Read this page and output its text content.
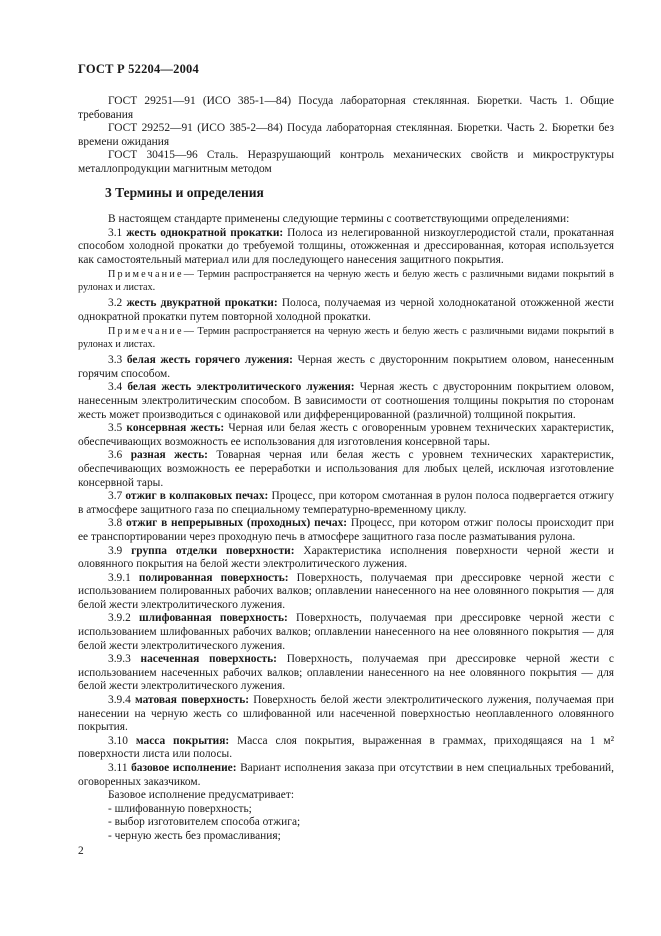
ГОСТ Р 52204—2004

ГОСТ 29251—91 (ИСО 385-1—84) Посуда лабораторная стеклянная. Бюретки. Часть 1. Общие требования

ГОСТ 29252—91 (ИСО 385-2—84) Посуда лабораторная стеклянная. Бюретки. Часть 2. Бюретки без времени ожидания

ГОСТ 30415—96 Сталь. Неразрушающий контроль механических свойств и микроструктуры металлопродукции магнитным методом

3 Термины и определения

В настоящем стандарте применены следующие термины с соответствующими определениями:

3.1 жесть однократной прокатки: Полоса из нелегированной низкоуглеродистой стали, прокатанная способом холодной прокатки до требуемой толщины, отожженная и дрессированная, которая используется как самостоятельный материал или для последующего нанесения защитного покрытия.

Примечание— Термин распространяется на черную жесть и белую жесть с различными видами покрытий в рулонах и листах.

3.2 жесть двукратной прокатки: Полоса, получаемая из черной холоднокатаной отожженной жести однократной прокатки путем повторной холодной прокатки.

Примечание— Термин распространяется на черную жесть и белую жесть с различными видами покрытий в рулонах и листах.

3.3 белая жесть горячего лужения: Черная жесть с двусторонним покрытием оловом, нанесенным горячим способом.

3.4 белая жесть электролитического лужения: Черная жесть с двусторонним покрытием оловом, нанесенным электролитическим способом. В зависимости от соотношения толщины покрытия по сторонам жесть может производиться с одинаковой или дифференцированной (различной) толщиной покрытия.

3.5 консервная жесть: Черная или белая жесть с оговоренным уровнем технических характеристик, обеспечивающих возможность ее использования для изготовления консервной тары.

3.6 разная жесть: Товарная черная или белая жесть с уровнем технических характеристик, обеспечивающих возможность ее переработки и использования для любых целей, исключая изготовление консервной тары.

3.7 отжиг в колпаковых печах: Процесс, при котором смотанная в рулон полоса подвергается отжигу в атмосфере защитного газа по специальному температурно-временному циклу.

3.8 отжиг в непрерывных (проходных) печах: Процесс, при котором отжиг полосы происходит при ее транспортировании через проходную печь в атмосфере защитного газа после разматывания рулона.

3.9 группа отделки поверхности: Характеристика исполнения поверхности черной жести и оловянного покрытия на белой жести электролитического лужения.

3.9.1 полированная поверхность: Поверхность, получаемая при дрессировке черной жести с использованием полированных рабочих валков; оплавлении нанесенного на нее оловянного покрытия — для белой жести электролитического лужения.

3.9.2 шлифованная поверхность: Поверхность, получаемая при дрессировке черной жести с использованием шлифованных рабочих валков; оплавлении нанесенного на нее оловянного покрытия — для белой жести электролитического лужения.

3.9.3 насеченная поверхность: Поверхность, получаемая при дрессировке черной жести с использованием насеченных рабочих валков; оплавлении нанесенного на нее оловянного покрытия — для белой жести электролитического лужения.

3.9.4 матовая поверхность: Поверхность белой жести электролитического лужения, получаемая при нанесении на черную жесть со шлифованной или насеченной поверхностью неоплавленного оловянного покрытия.

3.10 масса покрытия: Масса слоя покрытия, выраженная в граммах, приходящаяся на 1 м² поверхности листа или полосы.

3.11 базовое исполнение: Вариант исполнения заказа при отсутствии в нем специальных требований, оговоренных заказчиком.

Базовое исполнение предусматривает:

- шлифованную поверхность;
- выбор изготовителем способа отжига;
- черную жесть без промасливания;
2
